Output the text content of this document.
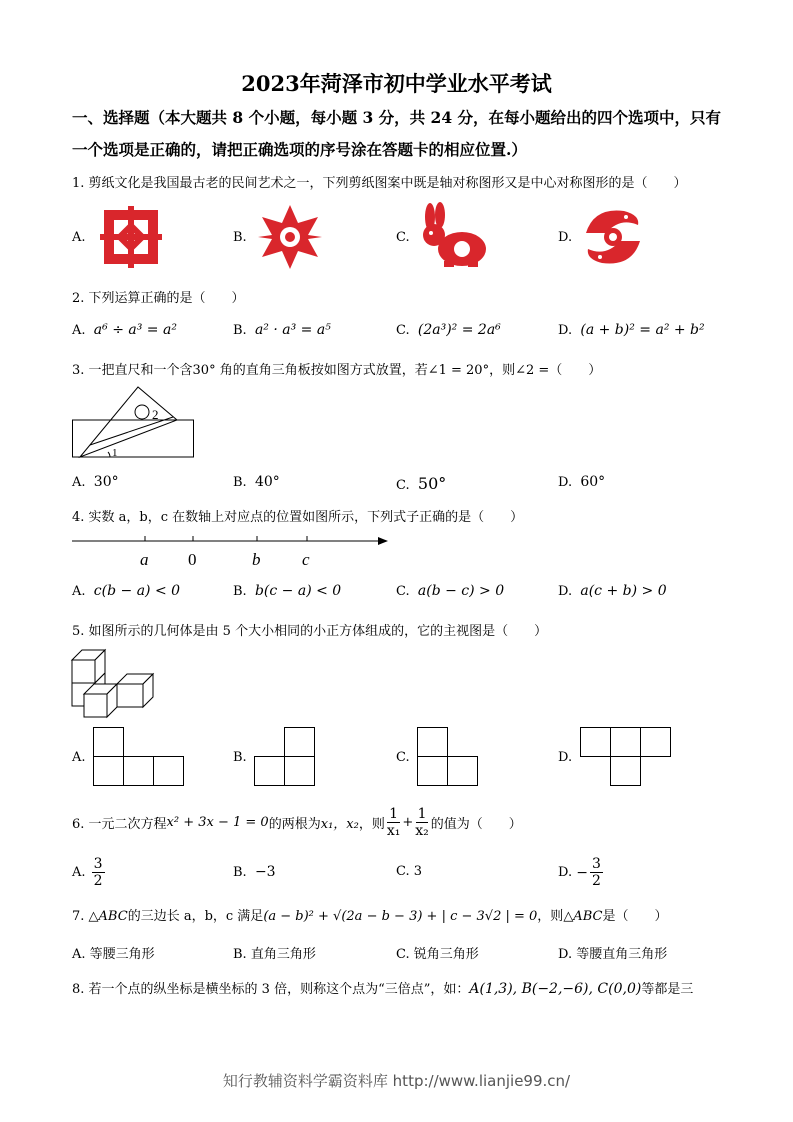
2023年菏泽市初中学业水平考试
一、选择题（本大题共 8 个小题，每小题 3 分，共 24 分，在每小题给出的四个选项中，只有
一个选项是正确的，请把正确选项的序号涂在答题卡的相应位置.）
1. 剪纸文化是我国最古老的民间艺术之一，下列剪纸图案中既是轴对称图形又是中心对称图形的是（　　）
A.	B.	C.	D.
2. 下列运算正确的是（　　）
A. a⁶ ÷ a³ = a²	B. a² · a³ = a⁵	C. (2a³)² = 2a⁶	D. (a + b)² = a² + b²
3. 一把直尺和一个含30° 角的直角三角板按如图方式放置，若∠1 = 20°，则∠2 =（　　）
2
1
A. 30°	B. 40°	C. 50°	D. 60°
4. 实数 a，b，c 在数轴上对应点的位置如图所示，下列式子正确的是（　　）
a 0	b c
A. c(b − a) < 0	B. b(c − a) < 0	C. a(b − c) > 0	D. a(c + b) > 0
5. 如图所示的几何体是由 5 个大小相同的小正方体组成的，它的主视图是（　　）
A.	B.	C.	D.
6. 一元二次方程 x² + 3x − 1 = 0 的两根为 x₁，x₂ ，则 $\frac{1}{\text{x₁}} + \frac{1}{\text{x₂}}$ 的值为（　　）
A.
$\frac{3}{2}$	B. −3	C. 3	D.
− $\frac{3}{2}$
7. △ABC的三边长 a，b，c 满足(a − b)² + √(2a − b − 3) + | c − 3√2 | = 0，则△ABC是（　　）
A. 等腰三角形	B. 直角三角形	C. 锐角三角形	D. 等腰直角三角形
8. 若一个点的纵坐标是横坐标的 3 倍，则称这个点为“三倍点”，如：A(1,3), B(−2,−6), C(0,0)等都是三
知行教辅资料学霸资料库 http://www.lianjie99.cn/
